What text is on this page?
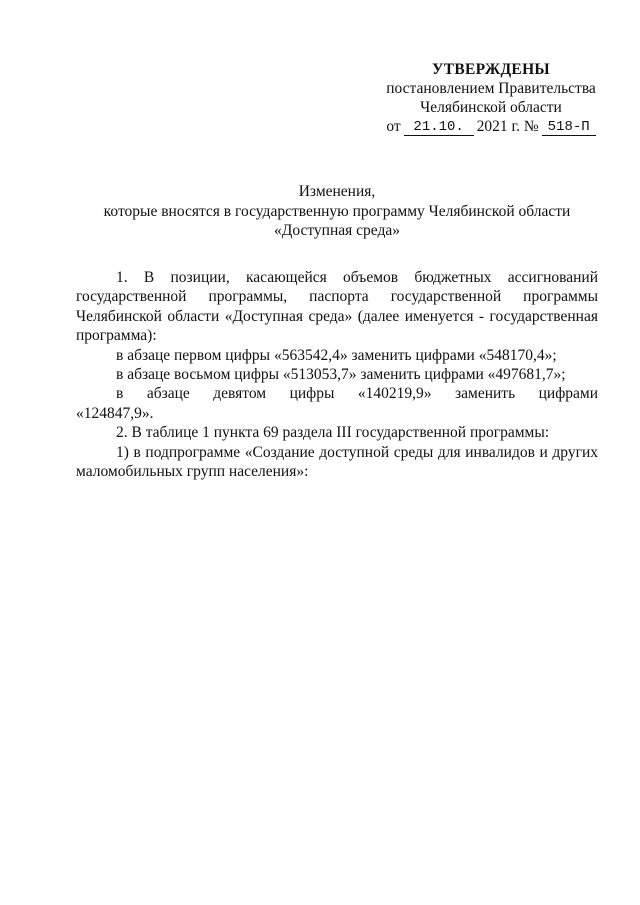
УТВЕРЖДЕНЫ
постановлением Правительства
Челябинской области
от 21.10. 2021 г. № 518-П
Изменения,
которые вносятся в государственную программу Челябинской области
«Доступная среда»

1. В позиции, касающейся объемов бюджетных ассигнований государственной программы, паспорта государственной программы Челябинской области «Доступная среда» (далее именуется - государственная программа):

в абзаце первом цифры «563542,4» заменить цифрами «548170,4»;

в абзаце восьмом цифры «513053,7» заменить цифрами «497681,7»;

в абзаце девятом цифры «140219,9» заменить цифрами «124847,9».

2. В таблице 1 пункта 69 раздела III государственной программы:

1) в подпрограмме «Создание доступной среды для инвалидов и других маломобильных групп населения»:
